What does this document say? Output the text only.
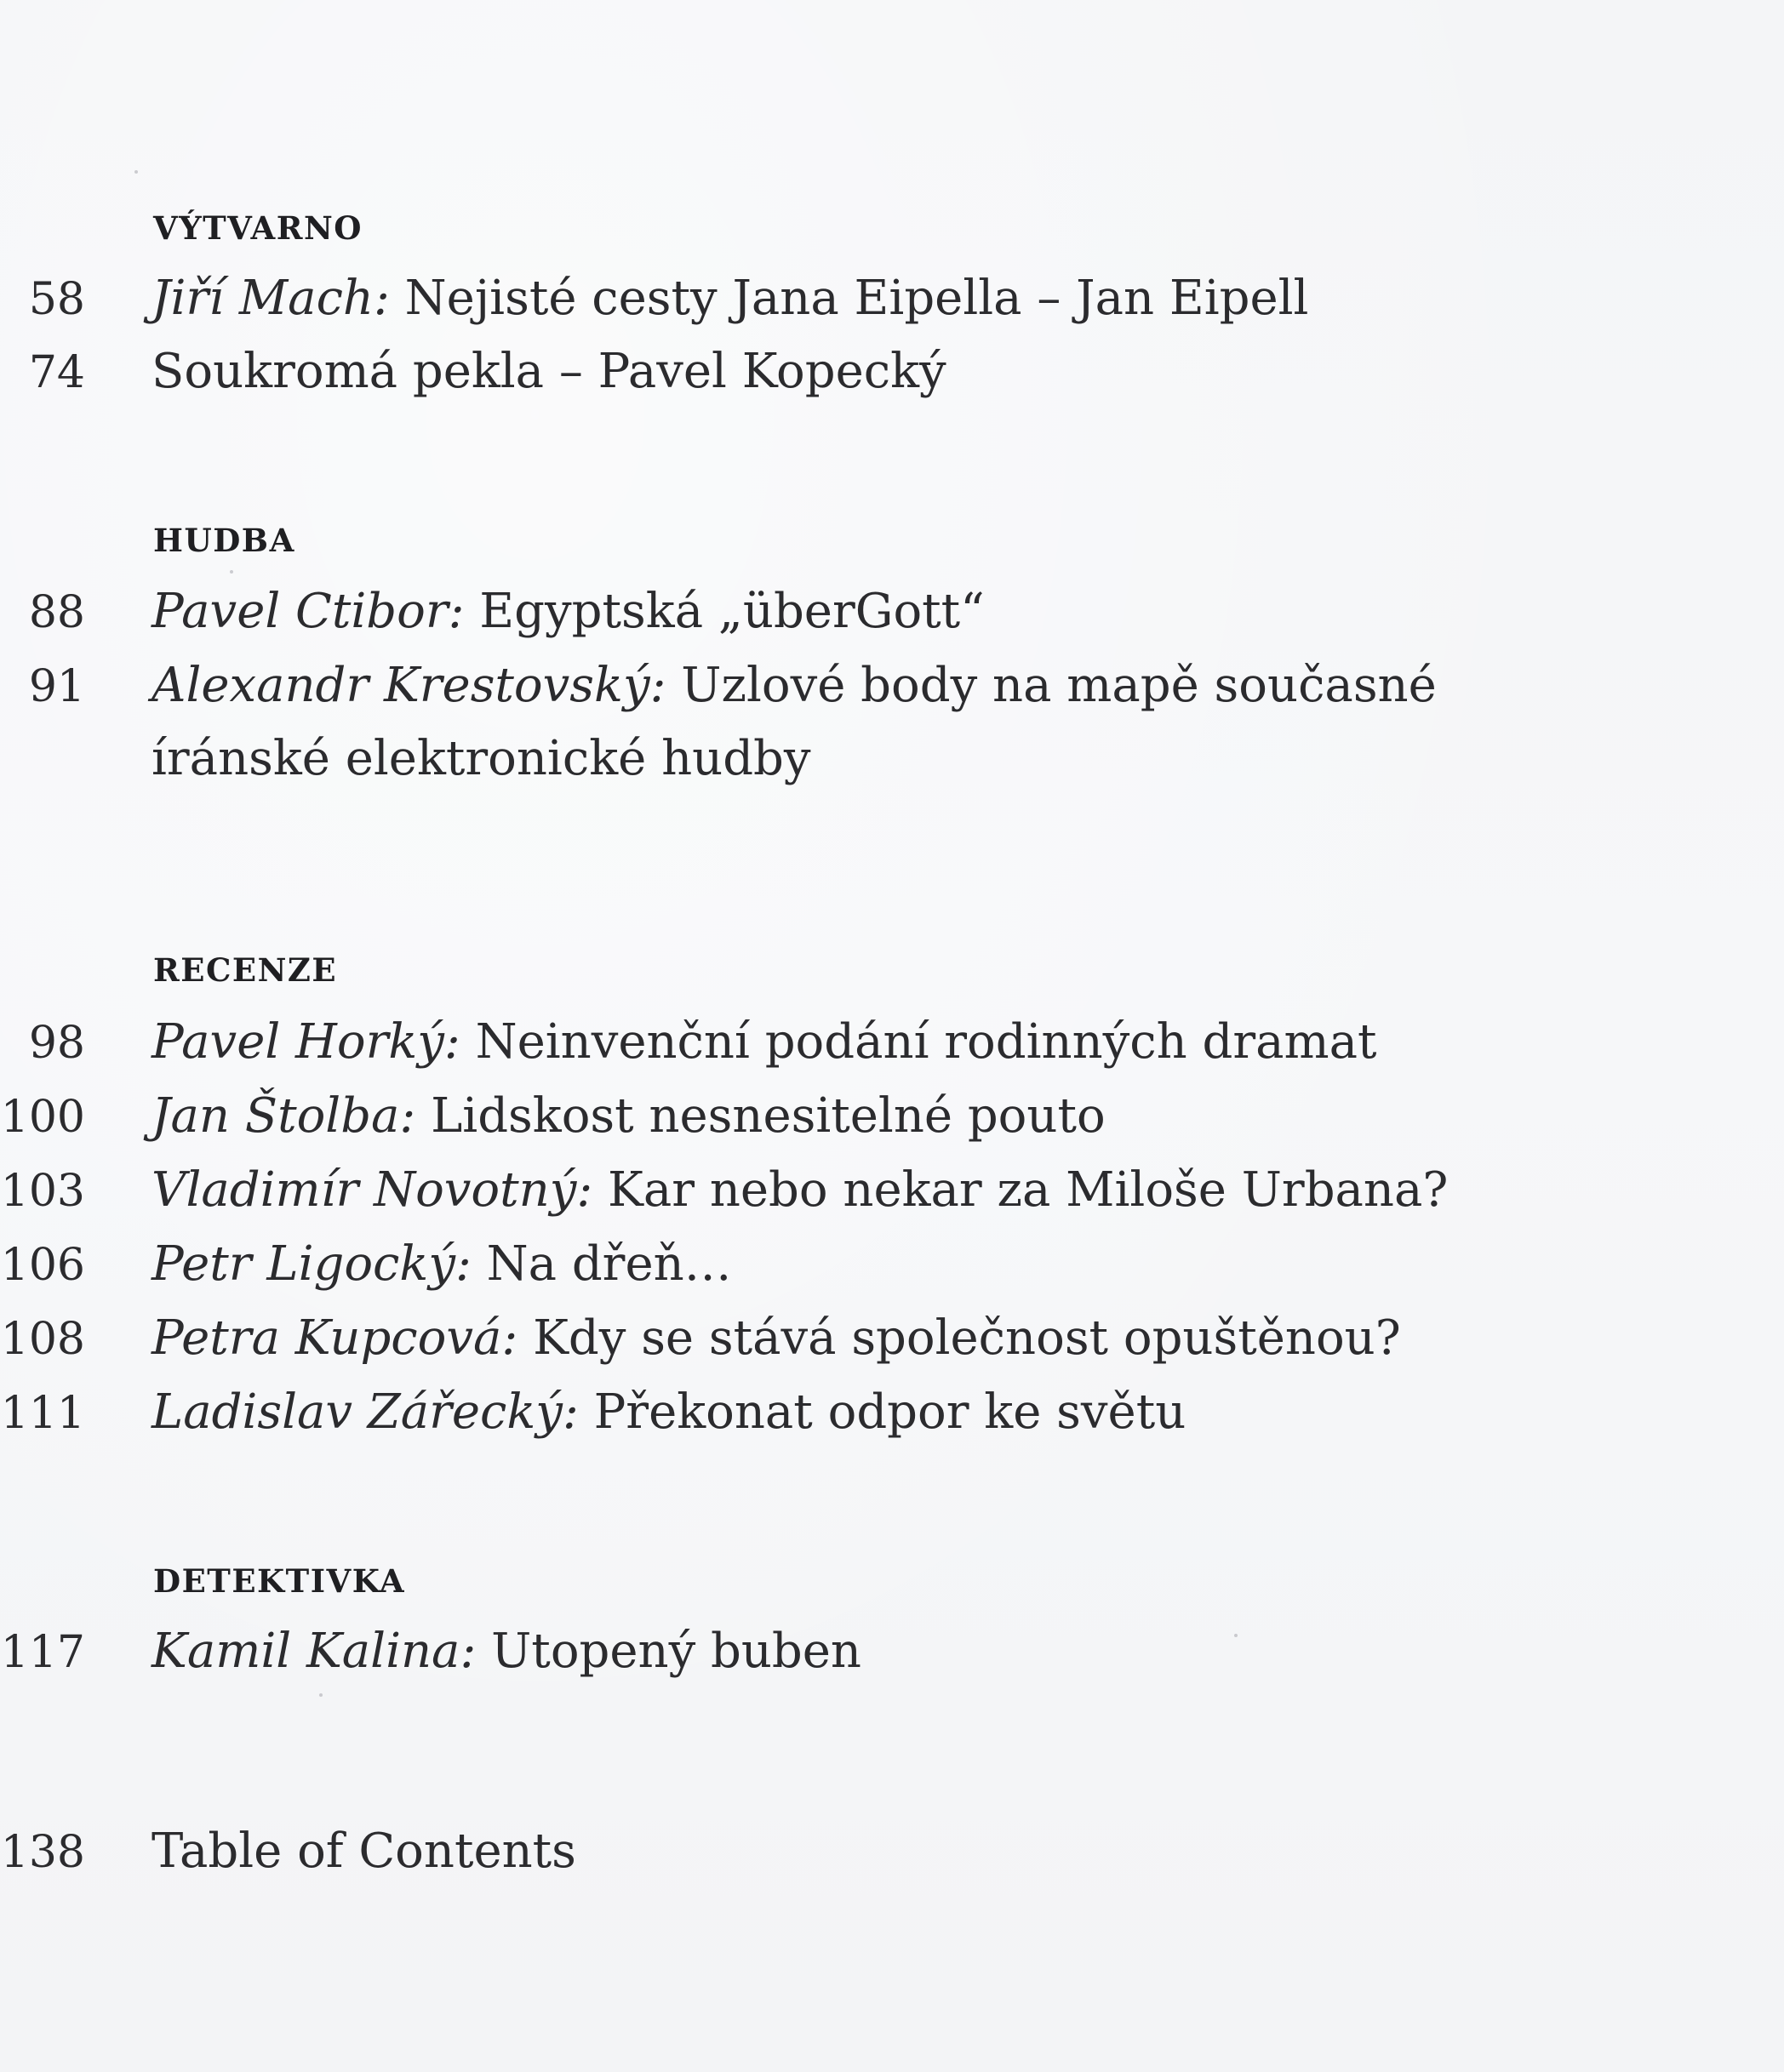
VÝTVARNO
58 Jiří Mach: Nejisté cesty Jana Eipella – Jan Eipell
74 Soukromá pekla – Pavel Kopecký
HUDBA
88 Pavel Ctibor: Egyptská „überGott“
91 Alexandr Krestovský: Uzlové body na mapě současné
íránské elektronické hudby
RECENZE
98 Pavel Horký: Neinvenční podání rodinných dramat
100 Jan Štolba: Lidskost nesnesitelné pouto
103 Vladimír Novotný: Kar nebo nekar za Miloše Urbana?
106 Petr Ligocký: Na dřeň…
108 Petra Kupcová: Kdy se stává společnost opuštěnou?
111 Ladislav Zářecký: Překonat odpor ke světu
DETEKTIVKA
117 Kamil Kalina: Utopený buben
138 Table of Contents
